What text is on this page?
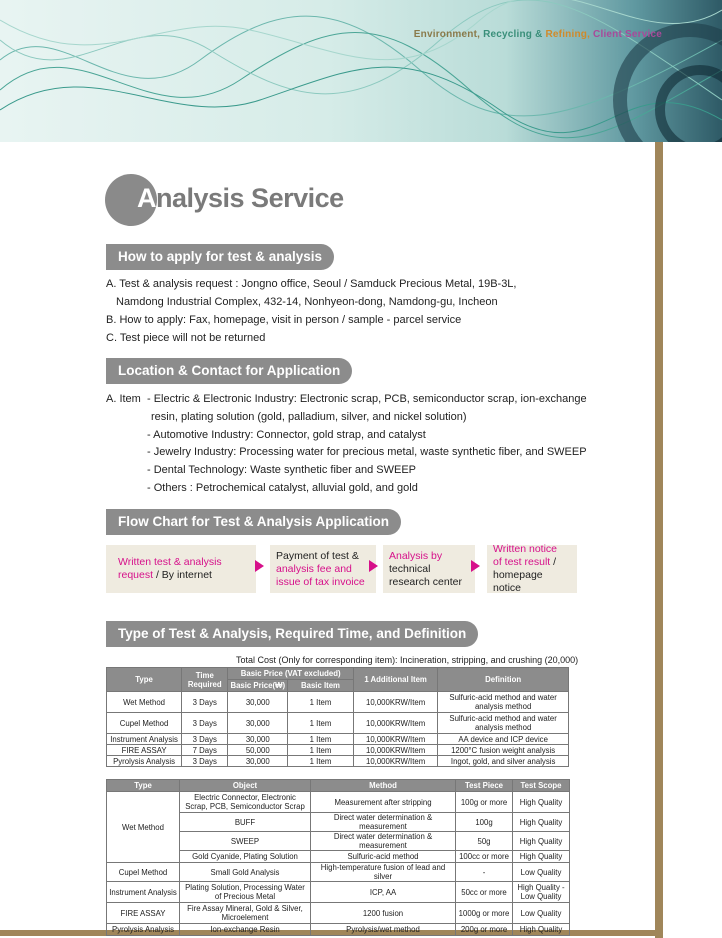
Environment, Recycling & Refining, Client Service
Analysis Service
How to apply for test & analysis
A. Test & analysis request : Jongno office, Seoul / Samduck Precious Metal, 19B-3L,
Namdong Industrial Complex, 432-14, Nonhyeon-dong, Namdong-gu, Incheon
B. How to apply: Fax, homepage, visit in person / sample - parcel service
C. Test piece will not be returned
Location & Contact for Application
A. Item - Electric & Electronic Industry: Electronic scrap, PCB, semiconductor scrap, ion-exchange
resin, plating solution (gold, palladium, silver, and nickel solution)
- Automotive Industry: Connector, gold strap, and catalyst
- Jewelry Industry: Processing water for precious metal, waste synthetic fiber, and SWEEP
- Dental Technology: Waste synthetic fiber and SWEEP
- Others : Petrochemical catalyst, alluvial gold, and gold
Flow Chart for Test & Analysis Application
Written test & analysis
request / By internet
Payment of test &
analysis fee and
issue of tax invoice
Analysis by
technical
research center
Written notice
of test result /
homepage notice
Type of Test & Analysis, Required Time, and Definition
Total Cost (Only for corresponding item): Incineration, stripping, and crushing (20,000)
Type	Time Required	Basic Price (VAT excluded)		1 Additional Item	Definition
		Basic Price(₩)	Basic Item		
Wet Method	3 Days	30,000	1 Item	10,000KRW/Item	Sulfuric-acid method and water analysis method
Cupel Method	3 Days	30,000	1 Item	10,000KRW/Item	Sulfuric-acid method and water analysis method
Instrument Analysis	3 Days	30,000	1 Item	10,000KRW/Item	AA device and ICP device
FIRE ASSAY	7 Days	50,000	1 Item	10,000KRW/Item	1200°C fusion weight analysis
Pyrolysis Analysis	3 Days	30,000	1 Item	10,000KRW/Item	Ingot, gold, and silver analysis
Type	Object	Method	Test Piece	Test Scope
Wet Method	Electric Connector, Electronic Scrap, PCB, Semiconductor Scrap	Measurement after stripping	100g or more	High Quality
	BUFF	Direct water determination & measurement	100g	High Quality
	SWEEP	Direct water determination & measurement	50g	High Quality
	Gold Cyanide, Plating Solution	Sulfuric-acid method	100cc or more	High Quality
Cupel Method	Small Gold Analysis	High-temperature fusion of lead and silver	-	Low Quality
Instrument Analysis	Plating Solution, Processing Water of Precious Metal	ICP, AA	50cc or more	High Quality - Low Quality
FIRE ASSAY	Fire Assay Mineral, Gold & Silver, Microelement	1200 fusion	1000g or more	Low Quality
Pyrolysis Analysis	Ion-exchange Resin	Pyrolysis/wet method	200g or more	High Quality
